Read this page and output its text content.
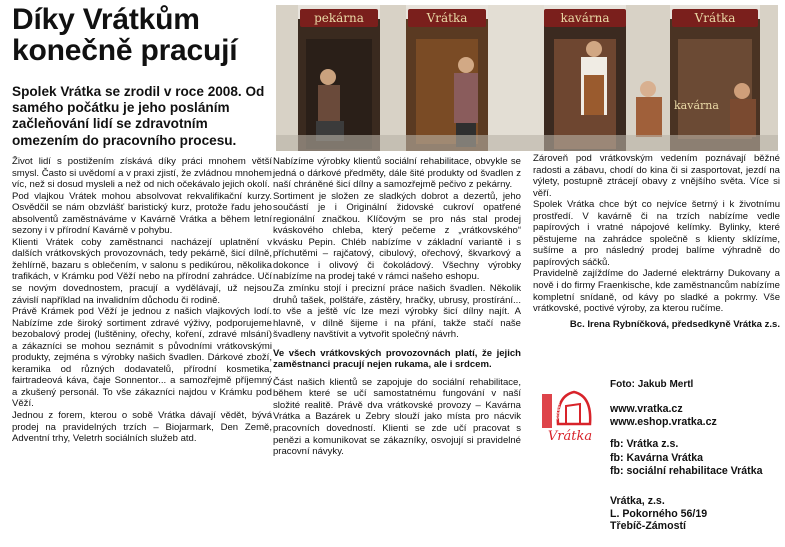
Díky Vrátkům
konečně pracují

Spolek Vrátka se zrodil v roce 2008. Od samého počátku je jeho posláním začleňování lidí se zdravotním omezením do pracovního procesu.

pekárna	Vrátka	kavárna	Vrátka
kavárna

Život lidí s postižením získává díky práci mnohem větší smysl. Často si uvědomí a v praxi zjistí, že zvládnou mnohem víc, než si dosud mysleli a než od nich očekávalo jejich okolí.

Pod vlajkou Vrátek mohou absolvovat rekvalifikační kurzy. Osvědčil se nám obzvlášť baristický kurz, protože řadu jeho absolventů zaměstnáváme v Kavárně Vrátka a během letní sezony i v přírodní Kavárně v pohybu.

Klienti Vrátek coby zaměstnanci nacházejí uplatnění v dalších vrátkovských provozovnách, tedy pekárně, šicí dílně, žehlírně, bazaru s oblečením, v salonu s pedikúrou, několika trafikách, v Krámku pod Věží nebo na přírodní zahrádce. Učí se novým dovednostem, pracují a vydělávají, už nejsou závislí například na invalidním důchodu či rodině.

Právě Krámek pod Věží je jednou z našich vlajkových lodí. Nabízíme zde široký sortiment zdravé výživy, podporujeme bezobalový prodej (luštěniny, ořechy, koření, zdravé mlsání) a zákazníci se mohou seznámit s původními vrátkovskými produkty, zejména s výrobky našich švadlen. Dárkové zboží, keramika od různých dodavatelů, přírodní kosmetika, fairtradeová káva, čaje Sonnentor... a samozřejmě příjemný a zkušený personál. To vše zákazníci najdou v Krámku pod Věží.

Jednou z forem, kterou o sobě Vrátka dávají vědět, bývá prodej na pravidelných trzích – Biojarmark, Den Země, Adventní trhy, Veletrh sociálních služeb atd.

Nabízíme výrobky klientů sociální rehabilitace, obvykle se jedná o dárkové předměty, dále šité produkty od švadlen z naší chráněné šicí dílny a samozřejmě pečivo z pekárny.

Sortiment je složen ze sladkých dobrot a dezertů, jeho součástí je i Originální židovské cukroví opatřené regionální značkou. Klíčovým se pro nás stal prodej kváskového chleba, který pečeme z „vrátkovského“ kvásku Pepin. Chléb nabízíme v základní variantě i s příchutěmi – rajčatový, cibulový, ořechový, škvarkový a dokonce i olivový či čokoládový. Všechny výrobky nabízíme na prodej také v rámci našeho eshopu.

Za zmínku stojí i precizní práce našich švadlen. Několik druhů tašek, polštáře, zástěry, hračky, ubrusy, prostírání... to vše a ještě víc lze mezi výrobky šicí dílny najít. A hlavně, v dílně šijeme i na přání, takže stačí naše švadleny navštívit a vytvořit společný návrh.

Ve všech vrátkovských provozovnách platí, že jejich zaměstnanci pracují nejen rukama, ale i srdcem.

Část našich klientů se zapojuje do sociální rehabilitace, během které se učí samostatnému fungování v naší složité realitě. Právě dva vrátkovské provozy – Kavárna Vrátka a Bazárek u Zebry slouží jako místa pro nácvik pracovních dovedností. Klienti se zde učí pracovat s penězi a komunikovat se zákazníky, osvojují si pravidelné pracovní návyky.

Zároveň pod vrátkovským vedením poznávají běžné radosti a zábavu, chodí do kina či si zasportovat, jezdí na výlety, postupně ztrácejí obavy z vnějšího světa. Více si věří.

Spolek Vrátka chce být co nejvíce šetrný i k životnímu prostředí. V kavárně či na trzích nabízíme vedle papírových i vratné nápojové kelímky. Bylinky, které pěstujeme na zahrádce společně s klienty sklízíme, sušíme a pro následný prodej balíme výhradně do papírových sáčků.

Pravidelně zajíždíme do Jaderné elektrárny Dukovany a nově i do firmy Fraenkische, kde zaměstnancům nabízíme kompletní snídaně, od kávy po sladké a pokrmy. Vše vrátkovské, poctivé výroby, za kterou ručíme.

Bc. Irena Rybníčková, předsedkyně Vrátka z.s.

Foto: Jakub Mertl
spolek
Vrátka
www.vratka.cz
www.eshop.vratka.cz
fb: Vrátka z.s.
fb: Kavárna Vrátka
fb: sociální rehabilitace Vrátka
Vrátka, z.s.
L. Pokorného 56/19
Třebíč-Zámostí
